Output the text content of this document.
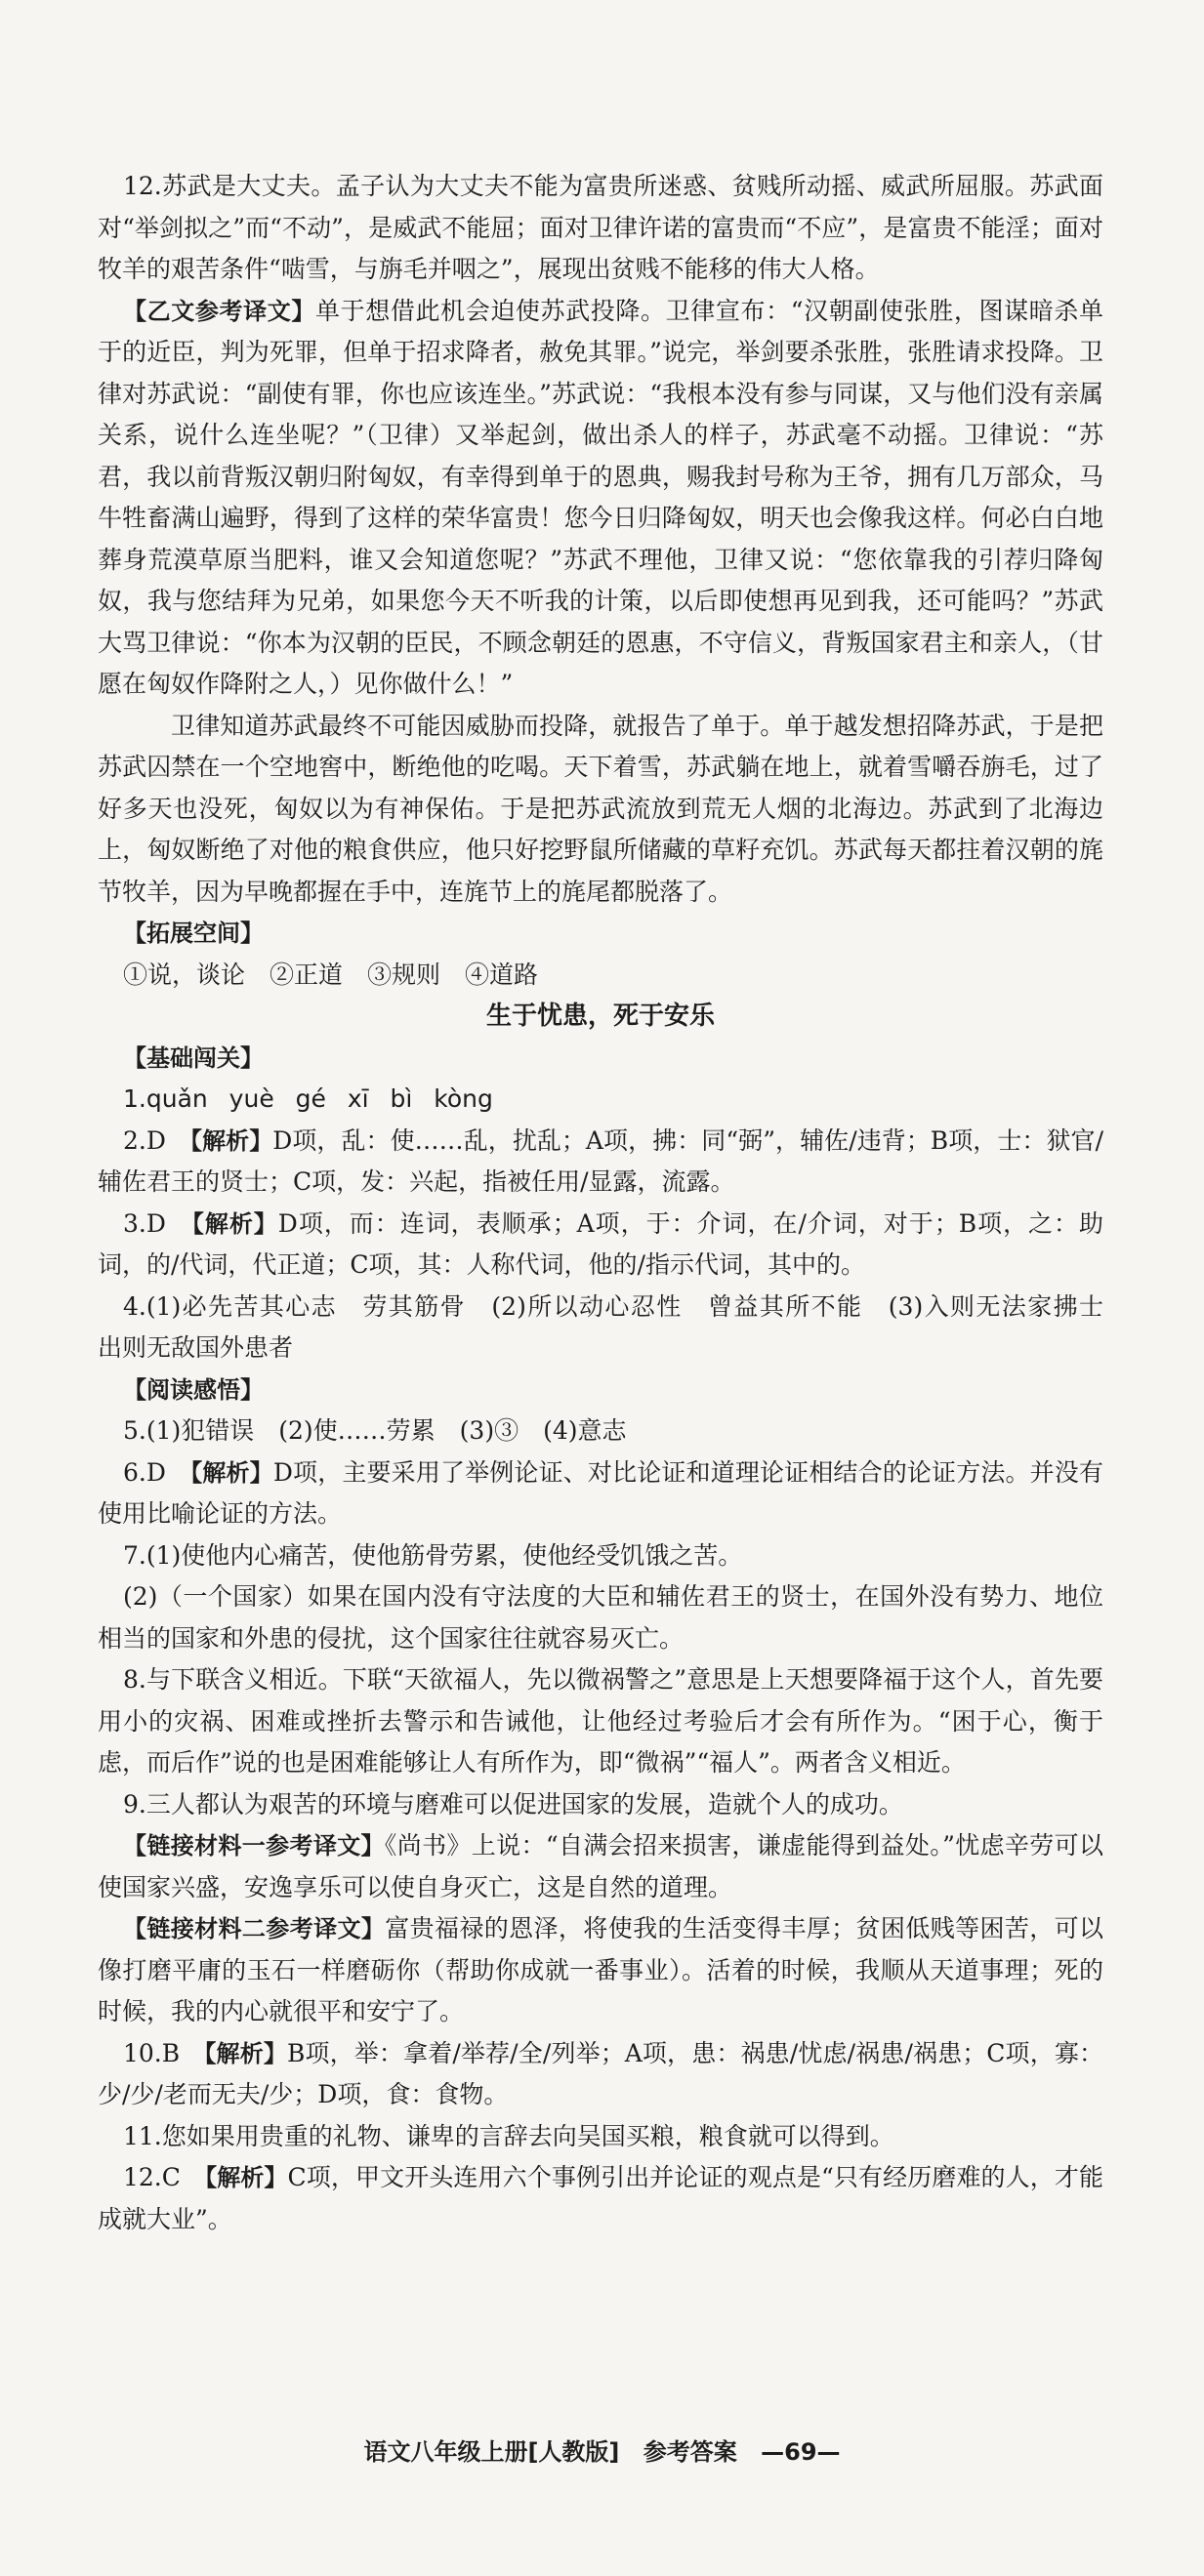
12.苏武是大丈夫。孟子认为大丈夫不能为富贵所迷惑、贫贱所动摇、威武所屈服。苏武面对“举剑拟之”而“不动”，是威武不能屈；面对卫律许诺的富贵而“不应”，是富贵不能淫；面对牧羊的艰苦条件“啮雪，与旃毛并咽之”，展现出贫贱不能移的伟大人格。

【乙文参考译文】单于想借此机会迫使苏武投降。卫律宣布：“汉朝副使张胜，图谋暗杀单于的近臣，判为死罪，但单于招求降者，赦免其罪。”说完，举剑要杀张胜，张胜请求投降。卫律对苏武说：“副使有罪，你也应该连坐。”苏武说：“我根本没有参与同谋，又与他们没有亲属关系，说什么连坐呢？”（卫律）又举起剑，做出杀人的样子，苏武毫不动摇。卫律说：“苏君，我以前背叛汉朝归附匈奴，有幸得到单于的恩典，赐我封号称为王爷，拥有几万部众，马牛牲畜满山遍野，得到了这样的荣华富贵！您今日归降匈奴，明天也会像我这样。何必白白地葬身荒漠草原当肥料，谁又会知道您呢？”苏武不理他，卫律又说：“您依靠我的引荐归降匈奴，我与您结拜为兄弟，如果您今天不听我的计策，以后即使想再见到我，还可能吗？”苏武大骂卫律说：“你本为汉朝的臣民，不顾念朝廷的恩惠，不守信义，背叛国家君主和亲人，（甘愿在匈奴作降附之人，）见你做什么！”

卫律知道苏武最终不可能因威胁而投降，就报告了单于。单于越发想招降苏武，于是把苏武囚禁在一个空地窖中，断绝他的吃喝。天下着雪，苏武躺在地上，就着雪嚼吞旃毛，过了好多天也没死，匈奴以为有神保佑。于是把苏武流放到荒无人烟的北海边。苏武到了北海边上，匈奴断绝了对他的粮食供应，他只好挖野鼠所储藏的草籽充饥。苏武每天都拄着汉朝的旄节牧羊，因为早晚都握在手中，连旄节上的旄尾都脱落了。

【拓展空间】

①说，谈论　②正道　③规则　④道路

生于忧患，死于安乐

【基础闯关】

1.quǎn yuè gé xī bì kòng

2.D　 【解析】D项，乱：使……乱，扰乱；A项，拂：同“弼”，辅佐/违背；B项，士：狱官/辅佐君王的贤士；C项，发：兴起，指被任用/显露，流露。

3.D　 【解析】D项，而：连词，表顺承；A项，于：介词，在/介词，对于；B项，之：助词，的/代词，代正道；C项，其：人称代词，他的/指示代词，其中的。

4.(1)必先苦其心志　劳其筋骨　(2)所以动心忍性　曾益其所不能　(3)入则无法家拂士　出则无敌国外患者

【阅读感悟】

5.(1)犯错误　(2)使……劳累　(3)③　(4)意志

6.D　 【解析】D项，主要采用了举例论证、对比论证和道理论证相结合的论证方法。并没有使用比喻论证的方法。

7.(1)使他内心痛苦，使他筋骨劳累，使他经受饥饿之苦。

(2)（一个国家）如果在国内没有守法度的大臣和辅佐君王的贤士，在国外没有势力、地位相当的国家和外患的侵扰，这个国家往往就容易灭亡。

8.与下联含义相近。下联“天欲福人，先以微祸警之”意思是上天想要降福于这个人，首先要用小的灾祸、困难或挫折去警示和告诫他，让他经过考验后才会有所作为。“困于心，衡于虑，而后作”说的也是困难能够让人有所作为，即“微祸”“福人”。两者含义相近。

9.三人都认为艰苦的环境与磨难可以促进国家的发展，造就个人的成功。

【链接材料一参考译文】《尚书》上说：“自满会招来损害，谦虚能得到益处。”忧虑辛劳可以使国家兴盛，安逸享乐可以使自身灭亡，这是自然的道理。

【链接材料二参考译文】富贵福禄的恩泽，将使我的生活变得丰厚；贫困低贱等困苦，可以像打磨平庸的玉石一样磨砺你（帮助你成就一番事业）。活着的时候，我顺从天道事理；死的时候，我的内心就很平和安宁了。

10.B　 【解析】B项，举：拿着/举荐/全/列举；A项，患：祸患/忧虑/祸患/祸患；C项，寡：少/少/老而无夫/少；D项，食：食物。

11.您如果用贵重的礼物、谦卑的言辞去向吴国买粮，粮食就可以得到。

12.C　 【解析】C项，甲文开头连用六个事例引出并论证的观点是“只有经历磨难的人，才能成就大业”。

语文八年级上册[人教版] 参考答案 —69—
